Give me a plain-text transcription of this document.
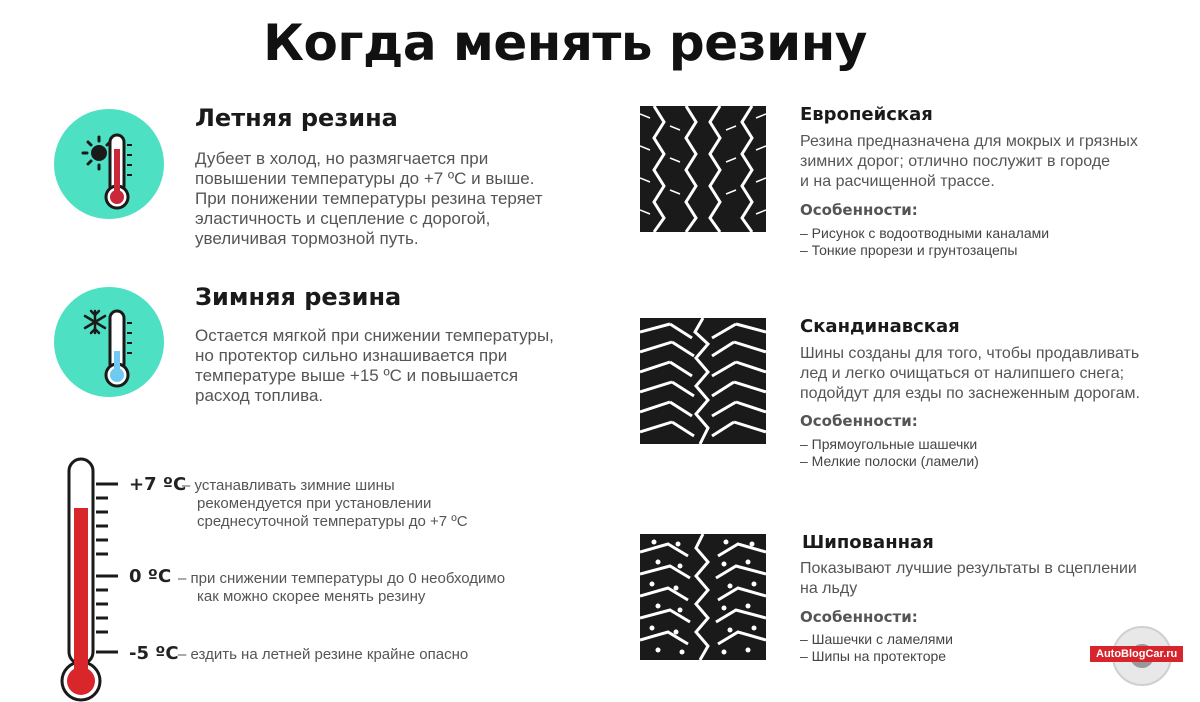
Когда менять резину
Летняя резина
Дубеет в холод, но размягчается при
повышении температуры до +7 ºС и выше.
При понижении температуры резина теряет
эластичность и сцепление с дорогой,
увеличивая тормозной путь.
Зимняя резина
Остается мягкой при снижении температуры,
но протектор сильно изнашивается при
температуре выше +15 ºС и повышается
расход топлива.
+7 ºС
– устанавливать зимние шины
рекомендуется при установлении
среднесуточной температуры до +7 ºС
0 ºС – при снижении температуры до 0 необходимо
как можно скорее менять резину
-5 ºС – ездить на летней резине крайне опасно
Европейская
Резина предназначена для мокрых и грязных
зимних дорог; отлично послужит в городе
и на расчищенной трассе.
Особенности:
– Рисунок с водоотводными каналами
– Тонкие прорези и грунтозацепы
Скандинавская
Шины созданы для того, чтобы продавливать
лед и легко очищаться от налипшего снега;
подойдут для езды по заснеженным дорогам.
Особенности:
– Прямоугольные шашечки
– Мелкие полоски (ламели)
Шипованная
Показывают лучшие результаты в сцеплении
на льду
Особенности:
– Шашечки с ламелями
– Шипы на протекторе	AutoBlogCar.ru
